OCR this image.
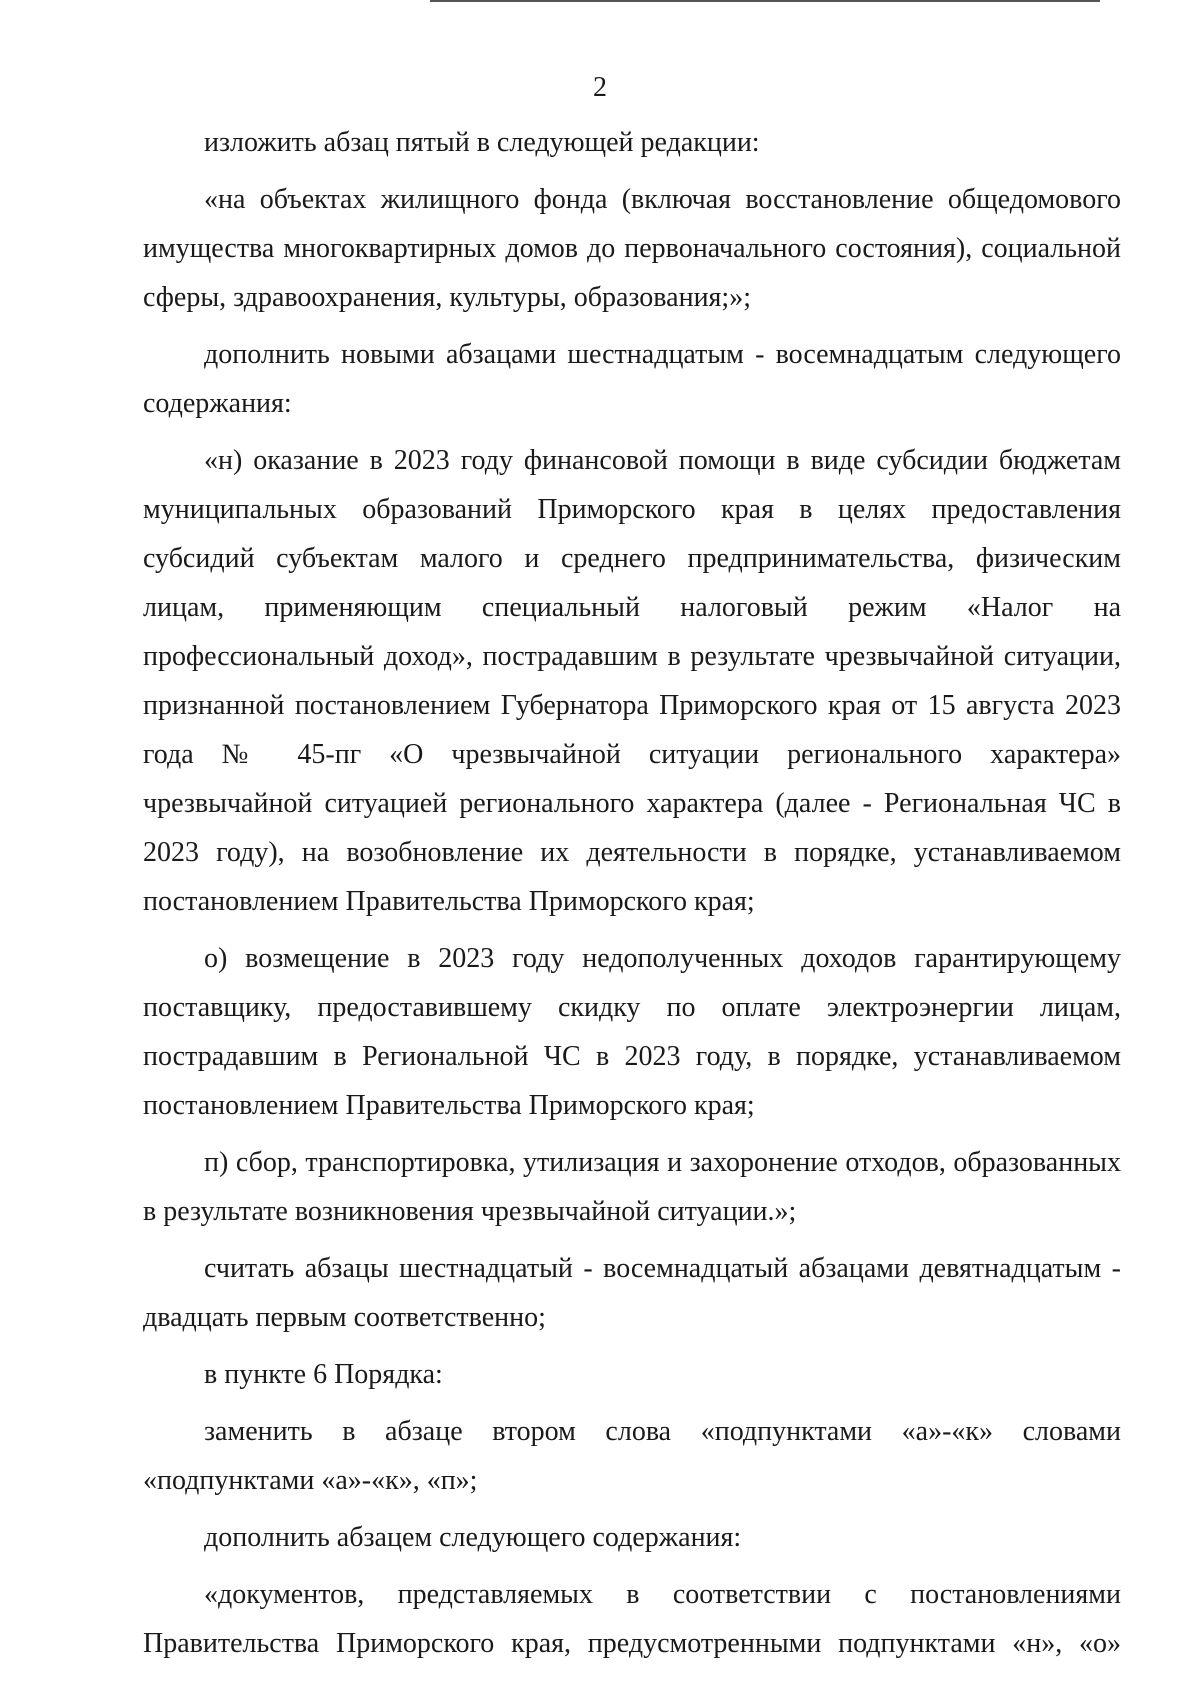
2

изложить абзац пятый в следующей редакции:

«на объектах жилищного фонда (включая восстановление общедомового имущества многоквартирных домов до первоначального состояния), социальной сферы, здравоохранения, культуры, образования;»;

дополнить новыми абзацами шестнадцатым - восемнадцатым следующего содержания:

«н) оказание в 2023 году финансовой помощи в виде субсидии бюджетам муниципальных образований Приморского края в целях предоставления субсидий субъектам малого и среднего предпринимательства, физическим лицам, применяющим специальный налоговый режим «Налог на профессиональный доход», пострадавшим в результате чрезвычайной ситуации, признанной постановлением Губернатора Приморского края от 15 августа 2023 года № 45-пг «О чрезвычайной ситуации регионального характера» чрезвычайной ситуацией регионального характера (далее - Региональная ЧС в 2023 году), на возобновление их деятельности в порядке, устанавливаемом постановлением Правительства Приморского края;

о) возмещение в 2023 году недополученных доходов гарантирующему поставщику, предоставившему скидку по оплате электроэнергии лицам, пострадавшим в Региональной ЧС в 2023 году, в порядке, устанавливаемом постановлением Правительства Приморского края;

п) сбор, транспортировка, утилизация и захоронение отходов, образованных в результате возникновения чрезвычайной ситуации.»;

считать абзацы шестнадцатый - восемнадцатый абзацами девятнадцатым - двадцать первым соответственно;

в пункте 6 Порядка:

заменить в абзаце втором слова «подпунктами «а»-«к» словами «подпунктами «а»-«к», «п»;

дополнить абзацем следующего содержания:

«документов, представляемых в соответствии с постановлениями Правительства Приморского края, предусмотренными подпунктами «н», «о»
